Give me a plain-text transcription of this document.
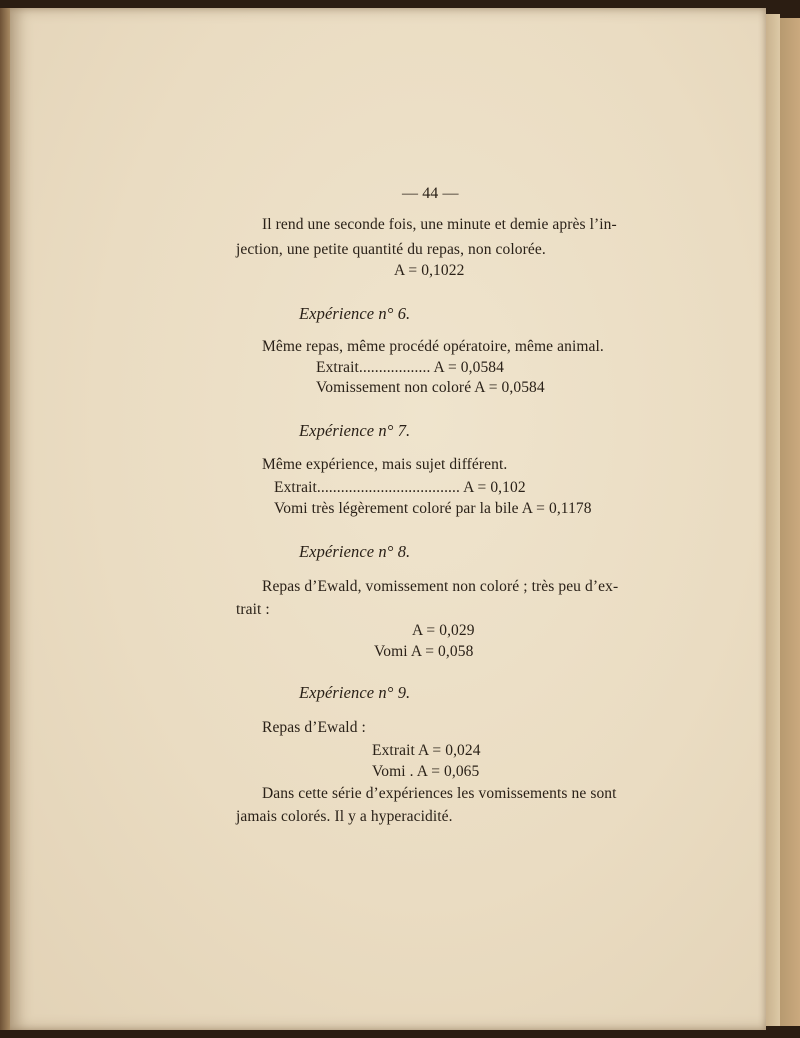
— 44 —
Il rend une seconde fois, une minute et demie après l’in-
jection, une petite quantité du repas, non colorée.
A = 0,1022
Expérience n° 6.
Même repas, même procédé opératoire, même animal.
Extrait.................. A = 0,0584
Vomissement non coloré A = 0,0584
Expérience n° 7.
Même expérience, mais sujet différent.
Extrait.................................... A = 0,102
Vomi très légèrement coloré par la bile A = 0,1178
Expérience n° 8.
Repas d’Ewald, vomissement non coloré ; très peu d’ex-
trait :
A = 0,029
Vomi A = 0,058
Expérience n° 9.
Repas d’Ewald :
Extrait A = 0,024
Vomi . A = 0,065
Dans cette série d’expériences les vomissements ne sont
jamais colorés. Il y a hyperacidité.
